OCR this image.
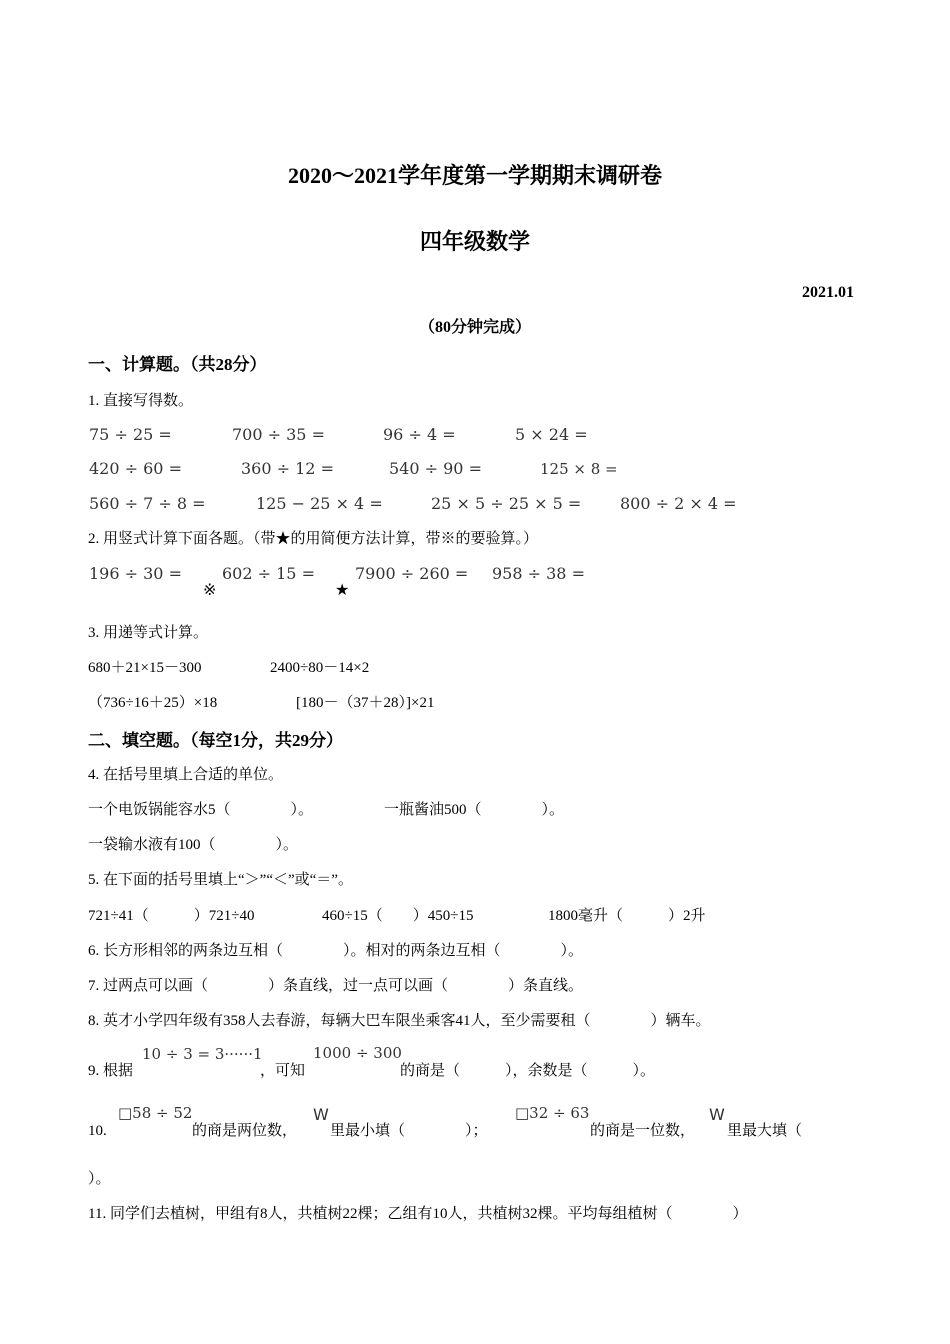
2020～2021学年度第一学期期末调研卷
四年级数学
2021.01
（80分钟完成）
一、计算题。（共28分）
1. 直接写得数。
75 ÷ 25 =	700 ÷ 35 =	96 ÷ 4 =	5 × 24 =
420 ÷ 60 =	360 ÷ 12 =	540 ÷ 90 =	125 × 8 =
560 ÷ 7 ÷ 8 =	125 − 25 × 4 =	25 × 5 ÷ 25 × 5 = 800 ÷ 2 × 4 =
2. 用竖式计算下面各题。（带★的用简便方法计算，带※的要验算。）
196 ÷ 30 =	602 ÷ 15 =	7900 ÷ 260 = 958 ÷ 38 =
※	★
3. 用递等式计算。
680＋21×15－300	2400÷80－14×2
（736÷16＋25）×18	[180－（37＋28）]×21
二、填空题。（每空1分，共29分）
4. 在括号里填上合适的单位。
一个电饭锅能容水5（　　　　）。	一瓶酱油500（　　　　）。
一袋输水液有100（　　　　）。
5. 在下面的括号里填上“＞”“＜”或“＝”。
721÷41（　　　）721÷40	460÷15（　　）450÷15	1800毫升（　　　）2升
6. 长方形相邻的两条边互相（　　　　）。相对的两条边互相（　　　　）。
7. 过两点可以画（　　　　）条直线，过一点可以画（　　　　）条直线。
8. 英才小学四年级有358人去春游，每辆大巴车限坐乘客41人，至少需要租（　　　　）辆车。
9. 根据
10 ÷ 3 = 3······1
，可知
1000 ÷ 300
的商是（　　　），余数是（　　　）。
10.
□58 ÷ 52
的商是两位数，
W
里最小填（　　　　）；
□32 ÷ 63
的商是一位数，
W
里最大填（
）。
11. 同学们去植树，甲组有8人，共植树22棵；乙组有10人，共植树32棵。平均每组植树（　　　　）
